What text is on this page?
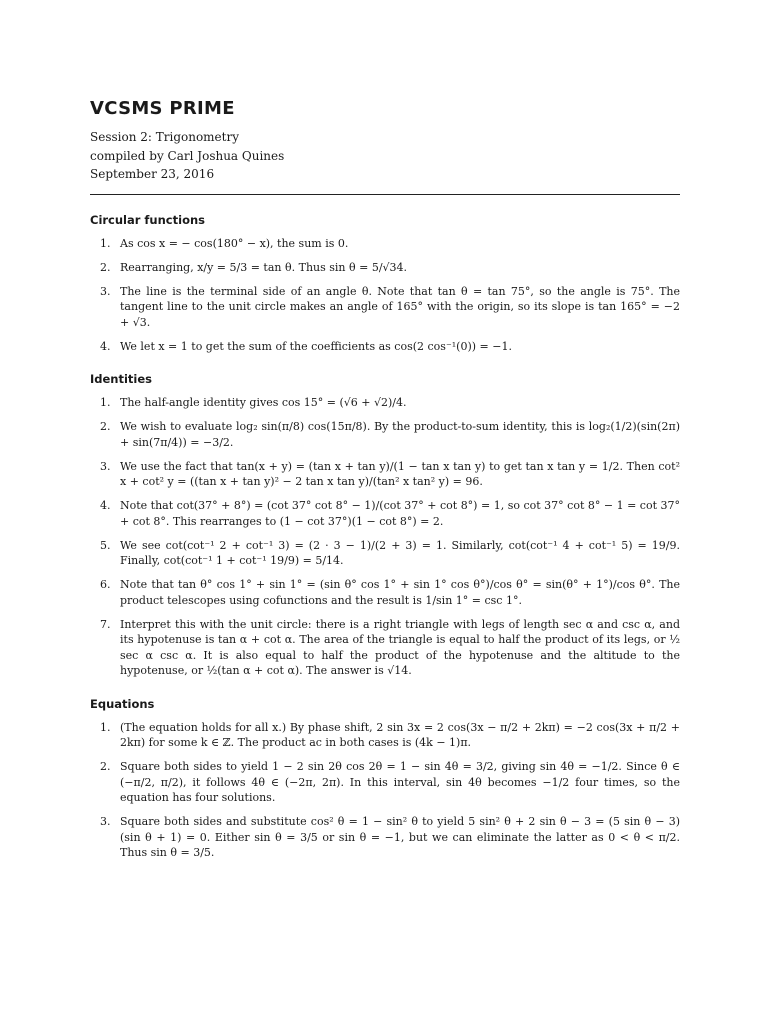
VCSMS PRIME
Session 2: Trigonometry
compiled by Carl Joshua Quines
September 23, 2016
Circular functions
1. As cos x = − cos(180° − x), the sum is 0.
2. Rearranging, x/y = 5/3 = tan θ. Thus sin θ = 5/√34.
3. The line is the terminal side of an angle θ. Note that tan θ = tan 75°, so the angle is 75°. The tangent line to the unit circle makes an angle of 165° with the origin, so its slope is tan 165° = −2 + √3.
4. We let x = 1 to get the sum of the coefficients as cos(2 cos⁻¹(0)) = −1.
Identities
1. The half-angle identity gives cos 15° = (√6 + √2)/4.
2. We wish to evaluate log₂ sin(π/8) cos(15π/8). By the product-to-sum identity, this is log₂(1/2)(sin(2π) + sin(7π/4)) = −3/2.
3. We use the fact that tan(x + y) = (tan x + tan y)/(1 − tan x tan y) to get tan x tan y = 1/2. Then cot² x + cot² y = ((tan x + tan y)² − 2 tan x tan y)/(tan² x tan² y) = 96.
4. Note that cot(37° + 8°) = (cot 37° cot 8° − 1)/(cot 37° + cot 8°) = 1, so cot 37° cot 8° − 1 = cot 37° + cot 8°. This rearranges to (1 − cot 37°)(1 − cot 8°) = 2.
5. We see cot(cot⁻¹ 2 + cot⁻¹ 3) = (2 · 3 − 1)/(2 + 3) = 1. Similarly, cot(cot⁻¹ 4 + cot⁻¹ 5) = 19/9. Finally, cot(cot⁻¹ 1 + cot⁻¹ 19/9) = 5/14.
6. Note that tan θ° cos 1° + sin 1° = (sin θ° cos 1° + sin 1° cos θ°)/cos θ° = sin(θ° + 1°)/cos θ°. The product telescopes using cofunctions and the result is 1/sin 1° = csc 1°.
7. Interpret this with the unit circle: there is a right triangle with legs of length sec α and csc α, and its hypotenuse is tan α + cot α. The area of the triangle is equal to half the product of its legs, or ½ sec α csc α. It is also equal to half the product of the hypotenuse and the altitude to the hypotenuse, or ½(tan α + cot α). The answer is √14.
Equations
1. (The equation holds for all x.) By phase shift, 2 sin 3x = 2 cos(3x − π/2 + 2kπ) = −2 cos(3x + π/2 + 2kπ) for some k ∈ ℤ. The product ac in both cases is (4k − 1)π.
2. Square both sides to yield 1 − 2 sin 2θ cos 2θ = 1 − sin 4θ = 3/2, giving sin 4θ = −1/2. Since θ ∈ (−π/2, π/2), it follows 4θ ∈ (−2π, 2π). In this interval, sin 4θ becomes −1/2 four times, so the equation has four solutions.
3. Square both sides and substitute cos² θ = 1 − sin² θ to yield 5 sin² θ + 2 sin θ − 3 = (5 sin θ − 3)(sin θ + 1) = 0. Either sin θ = 3/5 or sin θ = −1, but we can eliminate the latter as 0 < θ < π/2. Thus sin θ = 3/5.
